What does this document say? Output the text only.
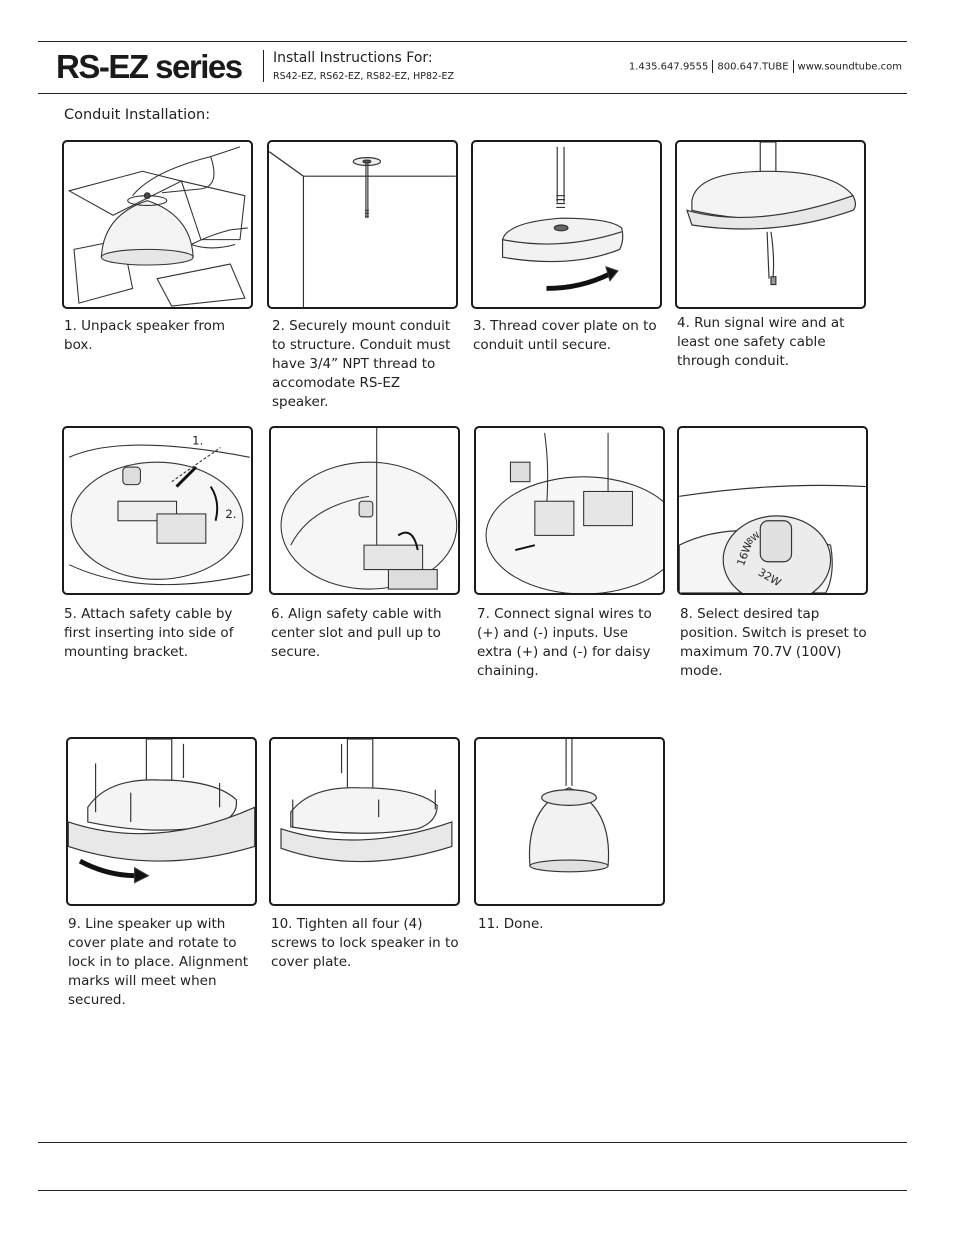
RS-EZ series Install Instructions For:
RS42-EZ, RS62-EZ, RS82-EZ, HP82-EZ
1.435.647.9555 800.647.TUBE www.soundtube.com
Conduit Installation:
1. Unpack speaker from box.
2. Securely mount conduit to structure. Conduit must have 3/4” NPT thread to accomodate RS-EZ speaker.
3. Thread cover plate on to conduit until secure.
4. Run signal wire and at least one safety cable through conduit.
1.
2.
16W
8W
32W
5. Attach safety cable by first inserting into side of mounting bracket.
6. Align safety cable with center slot and pull up to secure.
7. Connect signal wires to (+) and (-) inputs. Use extra (+) and (-) for daisy chaining.
8. Select desired tap position. Switch is preset to maximum 70.7V (100V) mode.
9. Line speaker up with cover plate and rotate to lock in to place. Alignment marks will meet when secured.
10. Tighten all four (4) screws to lock speaker in to cover plate.
11. Done.
